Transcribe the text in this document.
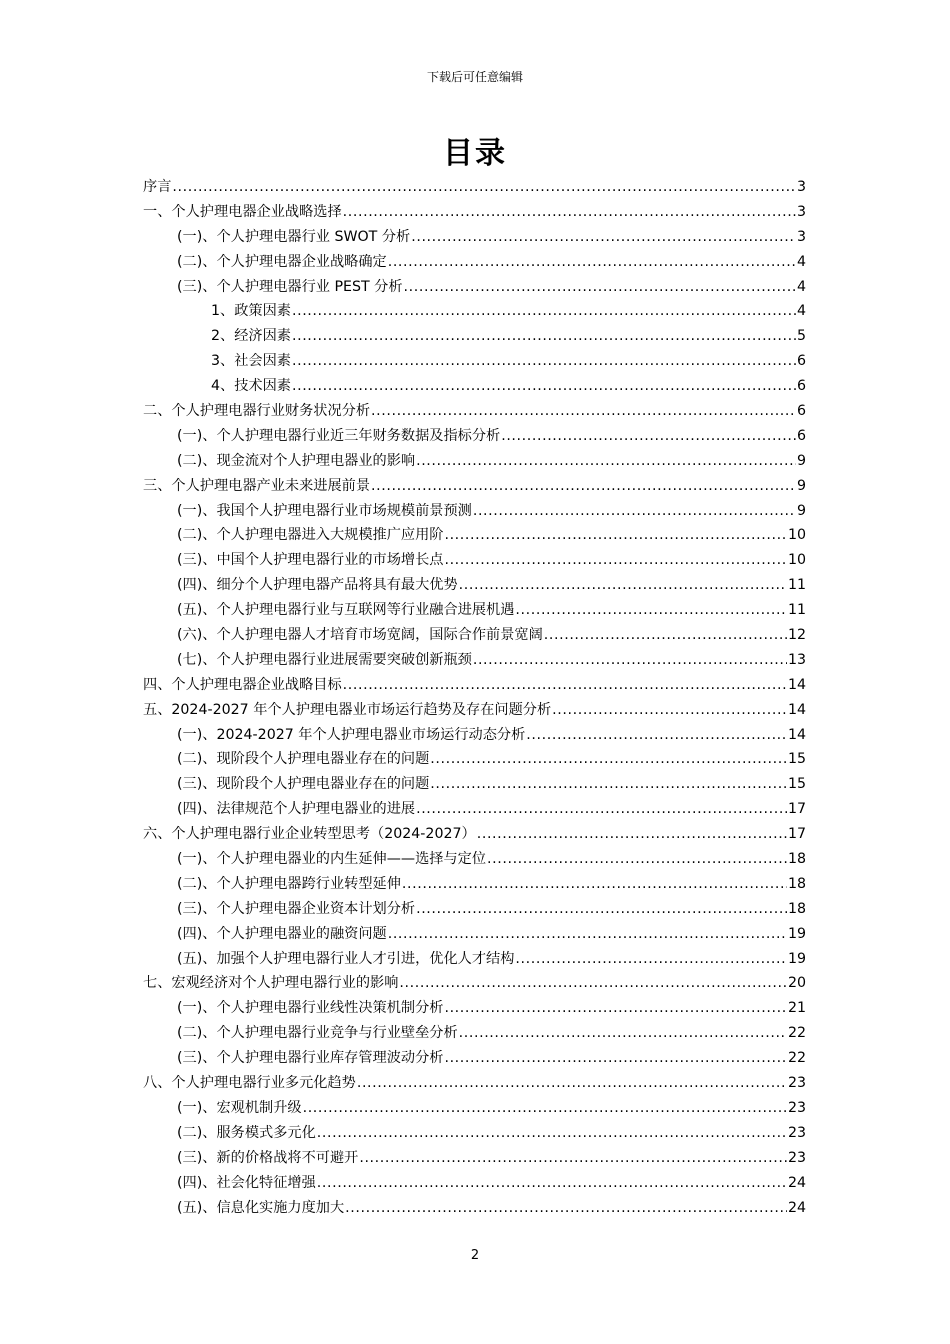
下载后可任意编辑
目录
序言 .....	3
一、个人护理电器企业战略选择 .....	3
(一)、个人护理电器行业 SWOT 分析 .....	3
(二)、个人护理电器企业战略确定 .....	4
(三)、个人护理电器行业 PEST 分析 .....	4
1、政策因素 .....	4
2、经济因素 .....	5
3、社会因素 .....	6
4、技术因素 .....	6
二、个人护理电器行业财务状况分析 .....	6
(一)、个人护理电器行业近三年财务数据及指标分析 .....	6
(二)、现金流对个人护理电器业的影响 .....	9
三、个人护理电器产业未来进展前景 .....	9
(一)、我国个人护理电器行业市场规模前景预测 .....	9
(二)、个人护理电器进入大规模推广应用阶 .....	10
(三)、中国个人护理电器行业的市场增长点 .....	10
(四)、细分个人护理电器产品将具有最大优势 .....	11
(五)、个人护理电器行业与互联网等行业融合进展机遇 .....	11
(六)、个人护理电器人才培育市场宽阔，国际合作前景宽阔 .....	12
(七)、个人护理电器行业进展需要突破创新瓶颈 .....	13
四、个人护理电器企业战略目标 .....	14
五、2024-2027 年个人护理电器业市场运行趋势及存在问题分析 .....	14
(一)、2024-2027 年个人护理电器业市场运行动态分析 .....	14
(二)、现阶段个人护理电器业存在的问题 .....	15
(三)、现阶段个人护理电器业存在的问题 .....	15
(四)、法律规范个人护理电器业的进展 .....	17
六、个人护理电器行业企业转型思考（2024-2027） .....	17
(一)、个人护理电器业的内生延伸——选择与定位 .....	18
(二)、个人护理电器跨行业转型延伸 .....	18
(三)、个人护理电器企业资本计划分析 .....	18
(四)、个人护理电器业的融资问题 .....	19
(五)、加强个人护理电器行业人才引进，优化人才结构 .....	19
七、宏观经济对个人护理电器行业的影响 .....	20
(一)、个人护理电器行业线性决策机制分析 .....	21
(二)、个人护理电器行业竞争与行业壁垒分析 .....	22
(三)、个人护理电器行业库存管理波动分析 .....	22
八、个人护理电器行业多元化趋势 .....	23
(一)、宏观机制升级 .....	23
(二)、服务模式多元化 .....	23
(三)、新的价格战将不可避开 .....	23
(四)、社会化特征增强 .....	24
(五)、信息化实施力度加大 .....	24
2
